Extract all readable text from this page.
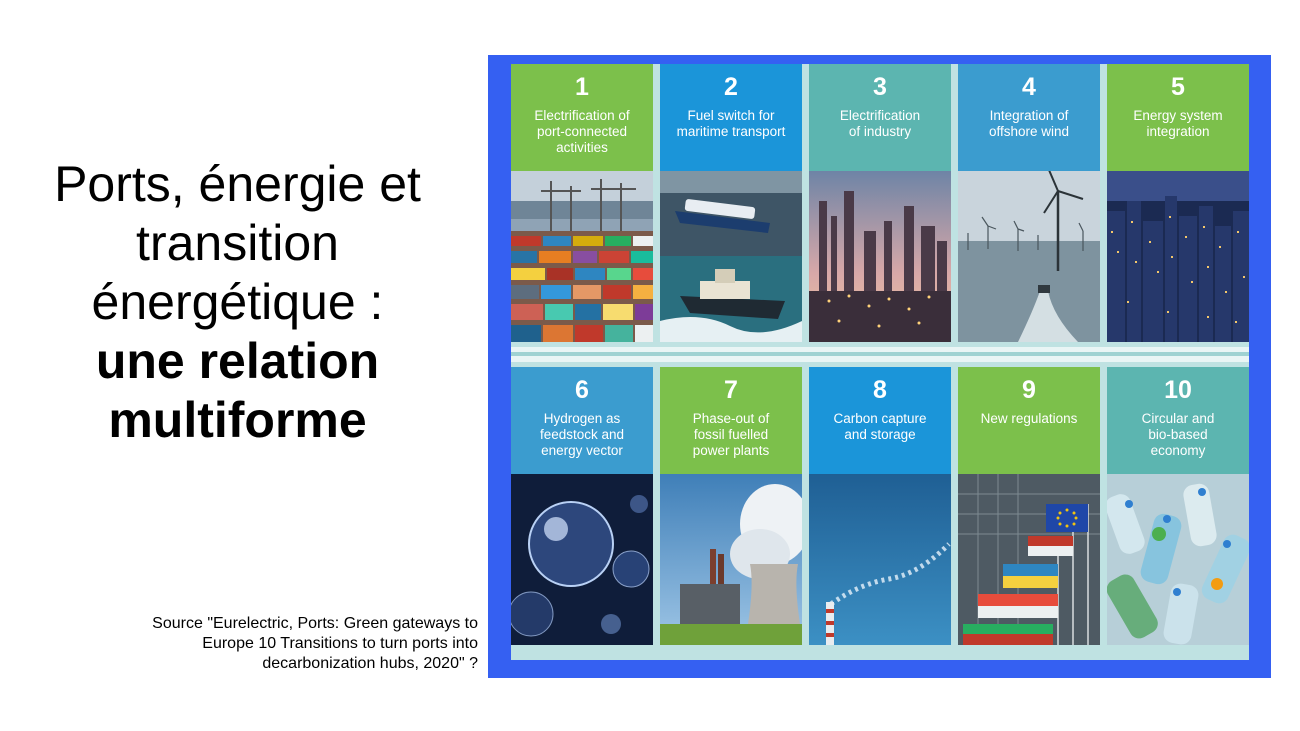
Ports, énergie et
transition
énergétique :
une relation
multiforme
Source "Eurelectric, Ports: Green gateways to
Europe 10 Transitions to turn ports into
decarbonization hubs, 2020" ?
1
Electrification of
port-connected
activities
2
Fuel switch for
maritime transport
3
Electrification
of industry
4
Integration of
offshore wind
5
Energy system
integration
6
Hydrogen as
feedstock and
energy vector
7
Phase-out of
fossil fuelled
power plants
8
Carbon capture
and storage
9
New regulations
10
Circular and
bio-based
economy
